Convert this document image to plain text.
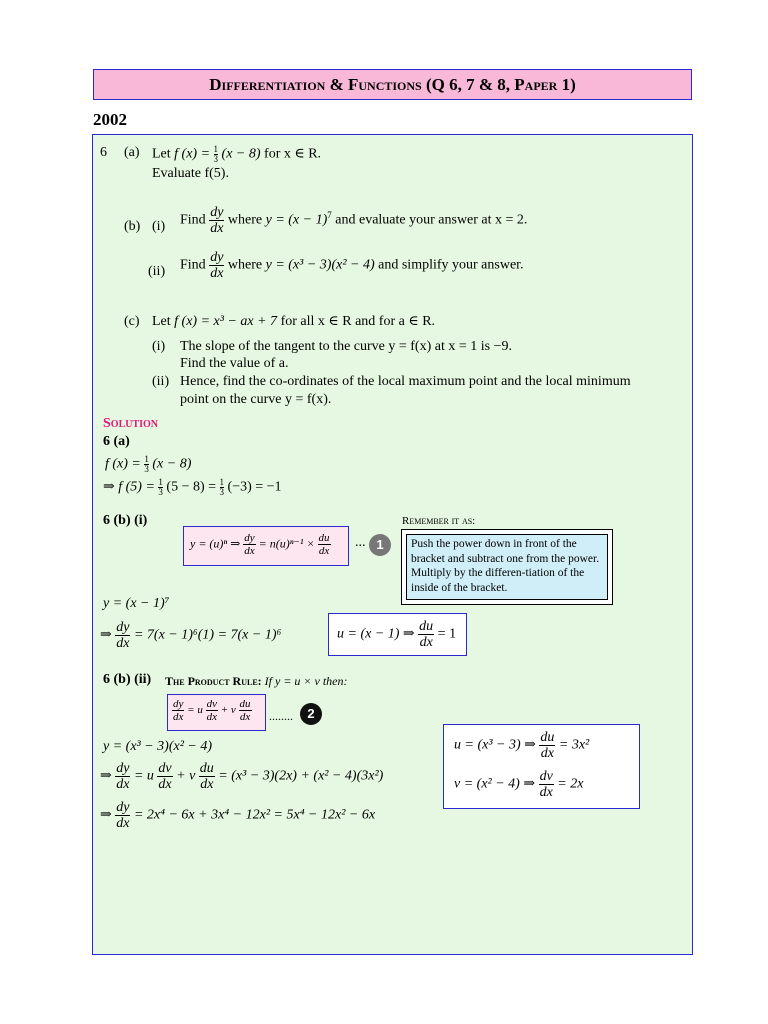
Differentiation & Functions (Q 6, 7 & 8, Paper 1)
2002
6 (a) Let f $(x) = \frac{1}{3} (x - 8)$ for x ∈ R.
Evaluate f(5).
(b) (i) Find $\frac{dy}{dx}$ where $y = (x - 1)^7$ and evaluate your answer at x = 2.
(ii) Find $\frac{dy}{dx}$ where y = (x³ − 3)(x² − 4) and simplify your answer.
(c) Let f (x) = x³ − ax + 7 for all x ∈ R and for a ∈ R.
(i) The slope of the tangent to the curve y = f(x) at x = 1 is −9.
Find the value of a.
(ii) Hence, find the co-ordinates of the local maximum point and the local minimum
point on the curve y = f(x).
Solution
6 (a)
f $(x) = \frac{1}{3} (x - 8)$
⇒ f $(5) = \frac{1}{3} (5 - 8) = \frac{1}{3} (-3) = -1$
6 (b) (i)
y = (u)ⁿ ⇒ $\frac{dy}{dx} = n(u)^{n-1} \times \frac{du}{dx}$ ... 1
Remember it as:
y = (x − 1)⁷
⇒ $\frac{dy}{dx} = 7(x - 1)^6(1) = 7(x - 1)^6$	u = (x − 1) ⇒ $\frac{du}{dx} = 1$
6 (b) (ii) The Product Rule: If y = u × v then:
$\frac{dy}{dx} = u \frac{dv}{dx} + v \frac{du}{dx}$ ........	2
y = (x³ − 3)(x² − 4)
⇒ $\frac{dy}{dx} = u \frac{dv}{dx} + v \frac{du}{dx} = (x^3 - 3)(2x) + (x^2 - 4)(3x^2)$
⇒ $\frac{dy}{dx} = 2x^4 - 6x + 3x^4 - 12x^2 = 5x^4 - 12x^2 - 6x$
u = (x³ − 3) ⇒ $\frac{du}{dx} = 3x^2$
v = (x² − 4) ⇒ $\frac{dv}{dx} = 2x$
Push the power down in front of the bracket and subtract one from the power. Multiply by the differen-tiation of the inside of the bracket.
